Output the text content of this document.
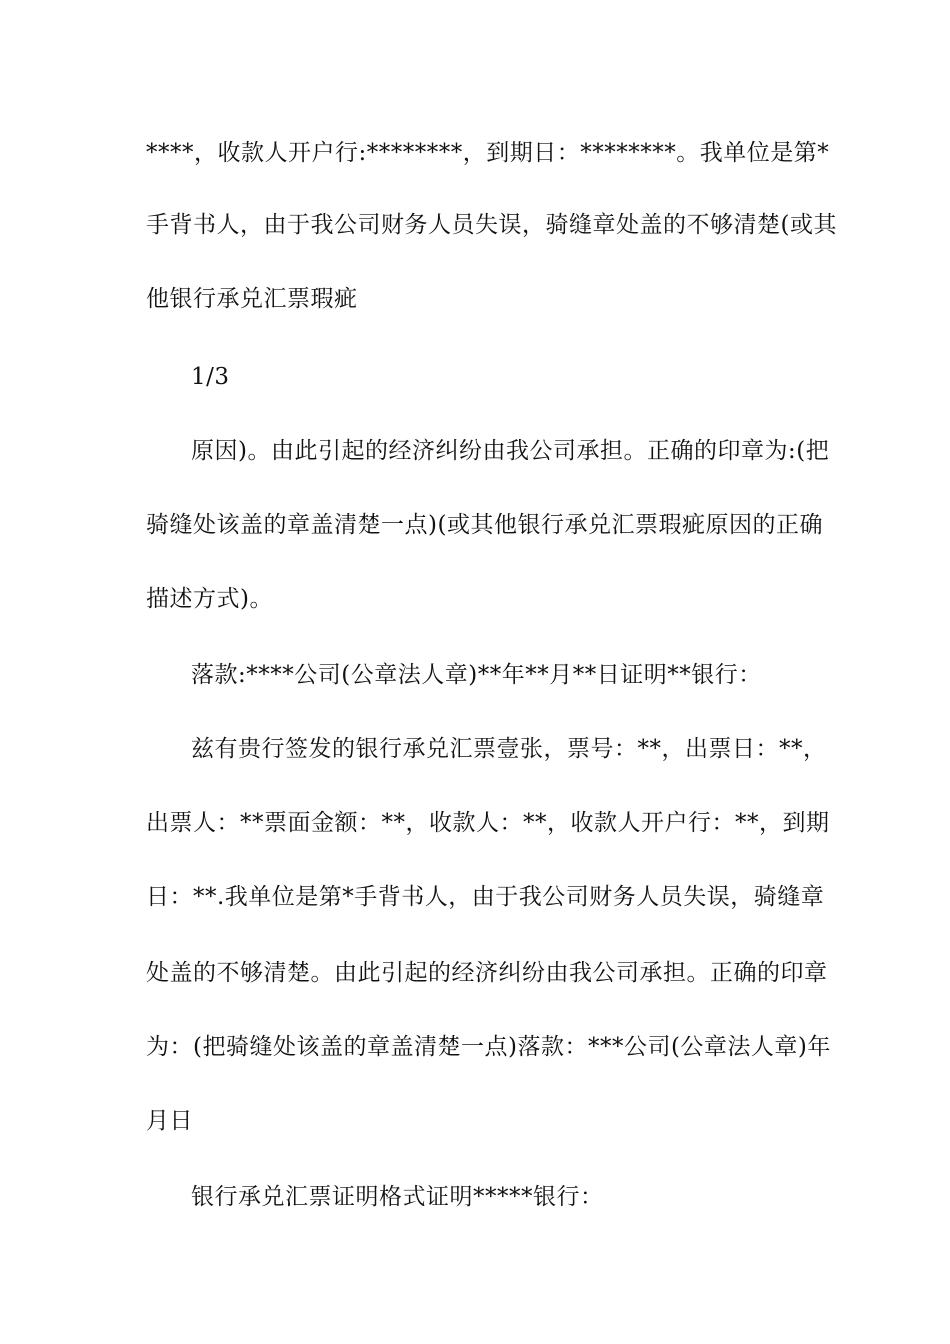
****，收款人开户行:********，到期日：********。我单位是第*
手背书人，由于我公司财务人员失误，骑缝章处盖的不够清楚(或其
他银行承兑汇票瑕疵
1/3
原因)。由此引起的经济纠纷由我公司承担。正确的印章为:(把
骑缝处该盖的章盖清楚一点)(或其他银行承兑汇票瑕疵原因的正确
描述方式)。
落款:****公司(公章法人章)**年**月**日证明**银行：
兹有贵行签发的银行承兑汇票壹张，票号：**，出票日：**，
出票人：**票面金额：**，收款人：**，收款人开户行：**，到期
日：**.我单位是第*手背书人，由于我公司财务人员失误，骑缝章
处盖的不够清楚。由此引起的经济纠纷由我公司承担。正确的印章
为：(把骑缝处该盖的章盖清楚一点)落款：***公司(公章法人章)年
月日
银行承兑汇票证明格式证明*****银行：
